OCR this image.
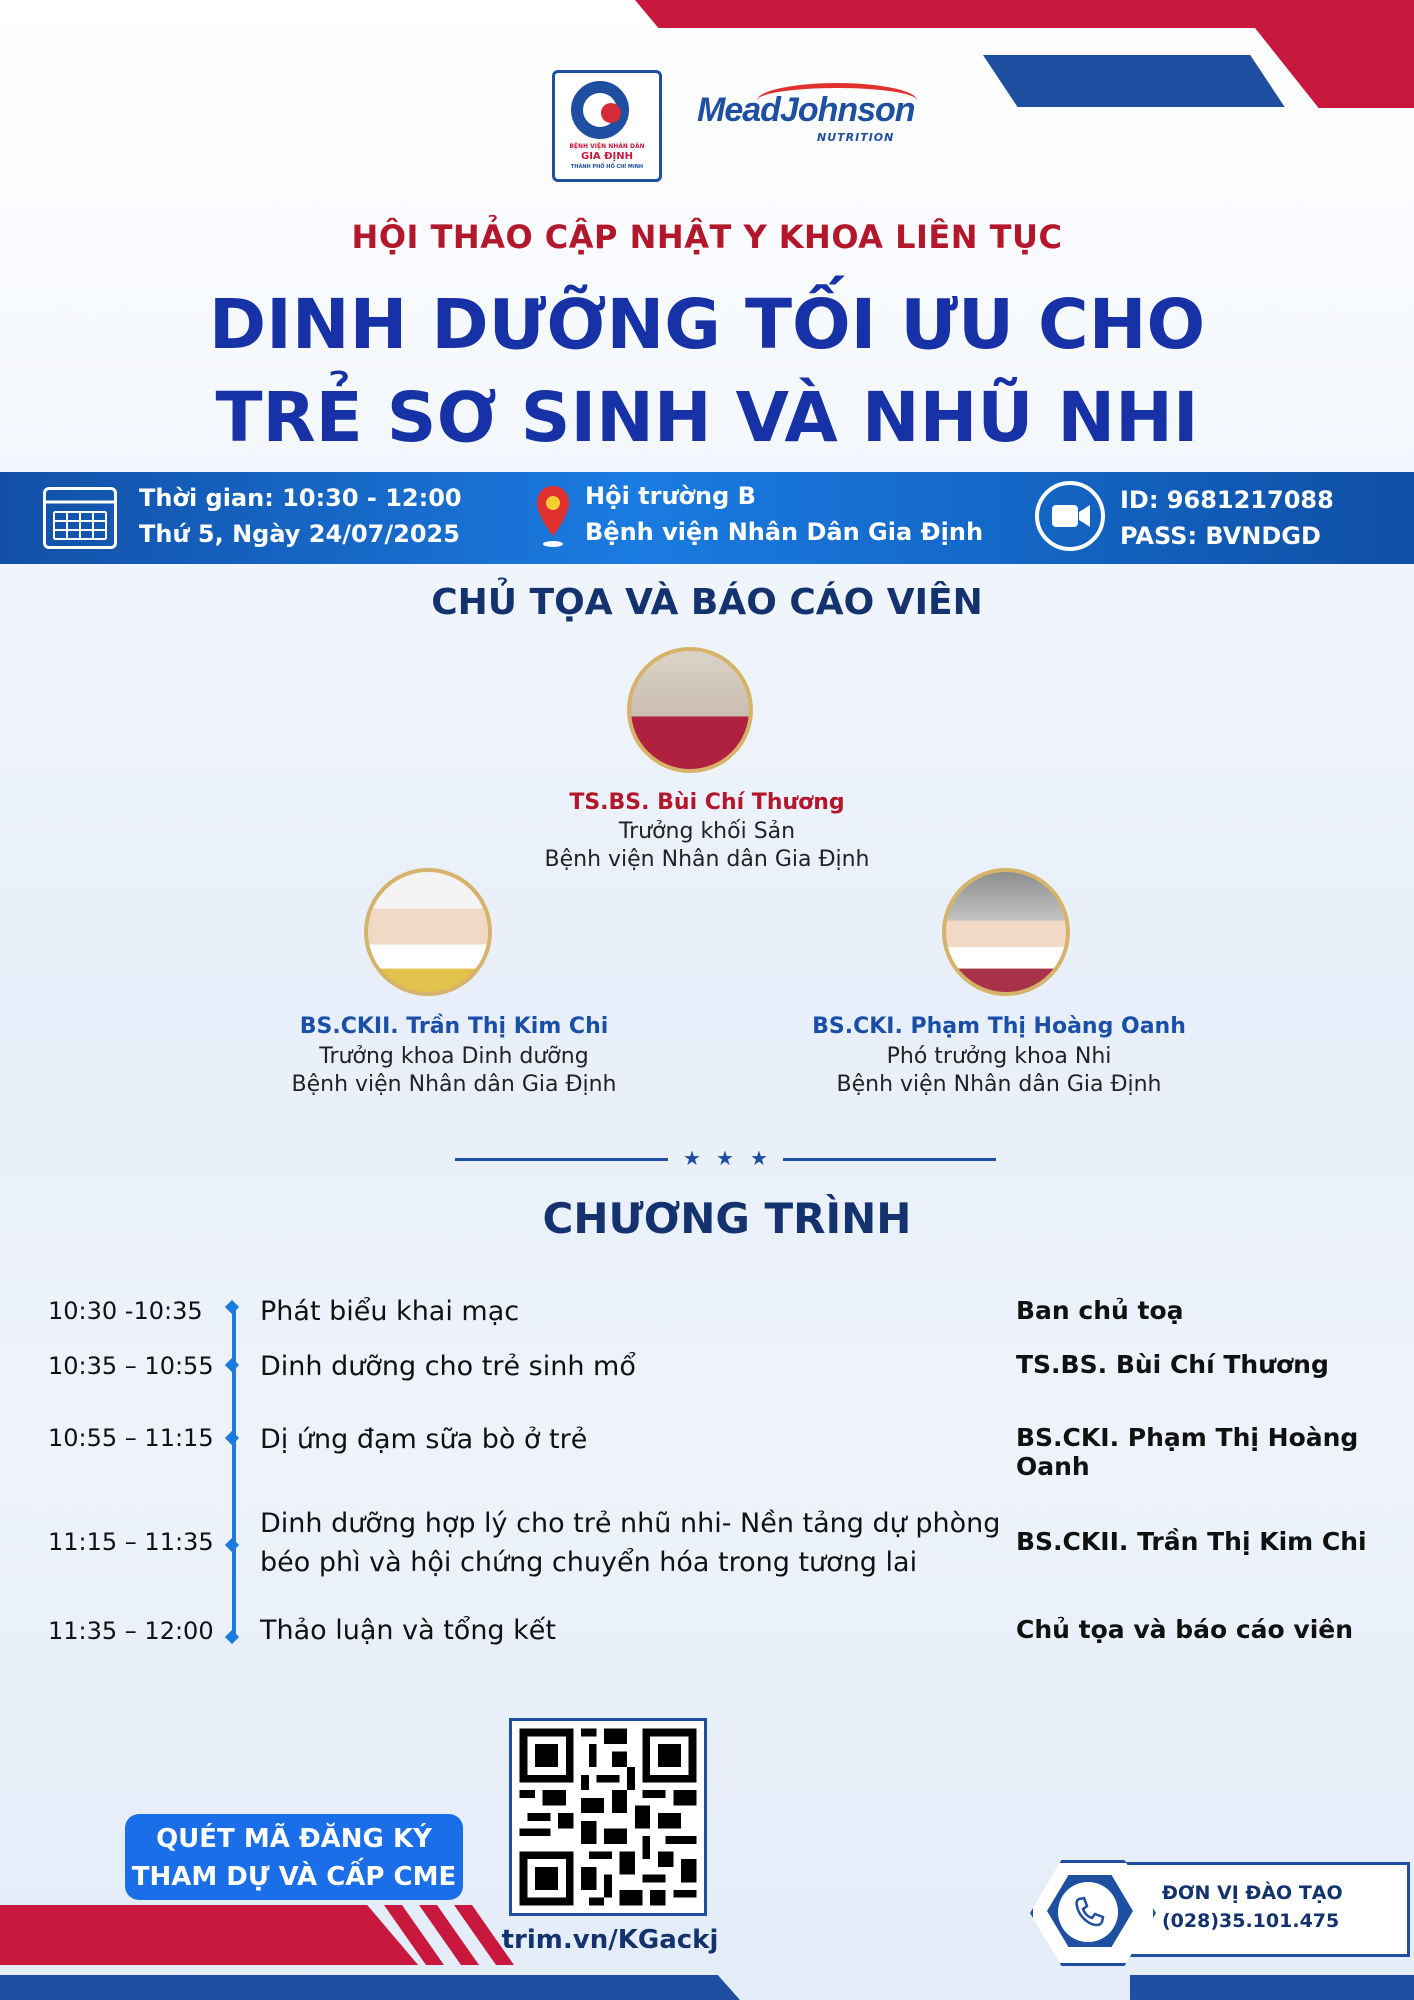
BỆNH VIỆN NHÂN DÂN
GIA ĐỊNH
THÀNH PHỐ HỒ CHÍ MINH
MeadJohnson
NUTRITION
HỘI THẢO CẬP NHẬT Y KHOA LIÊN TỤC
DINH DƯỠNG TỐI ƯU CHO
TRẺ SƠ SINH VÀ NHŨ NHI
Thời gian: 10:30 - 12:00
Thứ 5, Ngày 24/07/2025
Hội trường B
Bệnh viện Nhân Dân Gia Định
ID: 9681217088
PASS: BVNDGD
CHỦ TỌA VÀ BÁO CÁO VIÊN
TS.BS. Bùi Chí Thương
Trưởng khối Sản
Bệnh viện Nhân dân Gia Định
BS.CKII. Trần Thị Kim Chi
Trưởng khoa Dinh dưỡng
Bệnh viện Nhân dân Gia Định
BS.CKI. Phạm Thị Hoàng Oanh
Phó trưởng khoa Nhi
Bệnh viện Nhân dân Gia Định
★ ★ ★
CHƯƠNG TRÌNH
10:30 -10:35 Phát biểu khai mạc	Ban chủ toạ
10:35 – 10:55 Dinh dưỡng cho trẻ sinh mổ	TS.BS. Bùi Chí Thương
10:55 – 11:15 Dị ứng đạm sữa bò ở trẻ	BS.CKI. Phạm Thị Hoàng Oanh
11:15 – 11:35
Dinh dưỡng hợp lý cho trẻ nhũ nhi- Nền tảng dự phòng
béo phì và hội chứng chuyển hóa trong tương lai
BS.CKII. Trần Thị Kim Chi
11:35 – 12:00 Thảo luận và tổng kết	Chủ tọa và báo cáo viên
QUÉT MÃ ĐĂNG KÝ
THAM DỰ VÀ CẤP CME
trim.vn/KGackj
ĐƠN VỊ ĐÀO TẠO
(028)35.101.475
